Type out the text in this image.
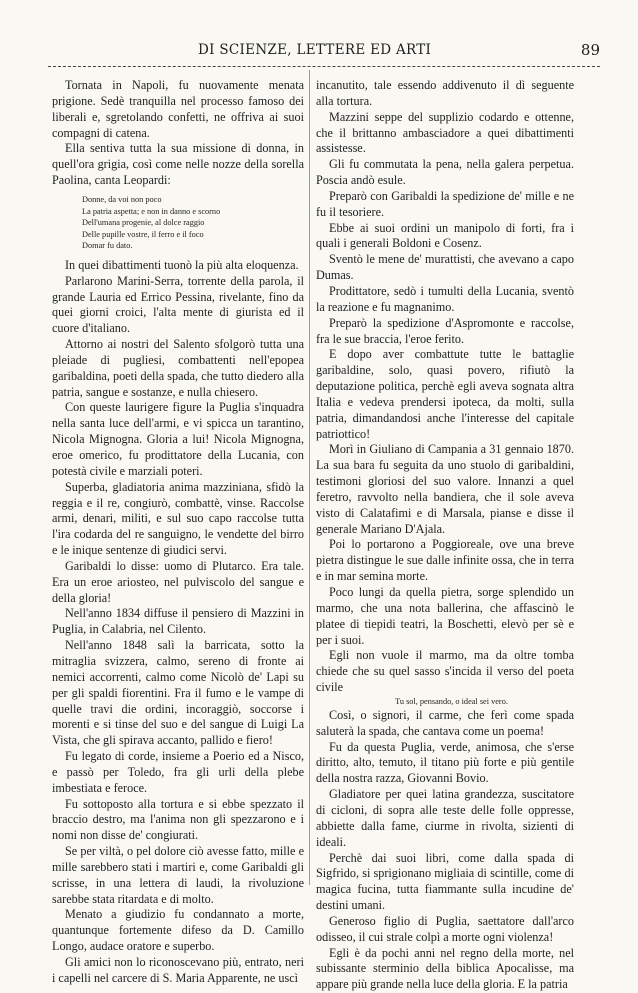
DI SCIENZE, LETTERE ED ARTI	89

Tornata in Napoli, fu nuovamente menata prigione. Sedè tranquilla nel processo famoso dei liberali e, sgretolando confetti, ne offriva ai suoi compagni di catena.

Ella sentiva tutta la sua missione di donna, in quell'ora grigia, così come nelle nozze della sorella Paolina, canta Leopardi:

Donne, da voi non poco
La patria aspetta; e non in danno e scorno
Dell'umana progenie, al dolce raggio
Delle pupille vostre, il ferro e il foco
Domar fu dato.

In quei dibattimenti tuonò la più alta eloquenza.

Parlarono Marini-Serra, torrente della parola, il grande Lauria ed Errico Pessina, rivelante, fino da quei giorni croici, l'alta mente di giurista ed il cuore d'italiano.

Attorno ai nostri del Salento sfolgorò tutta una pleiade di pugliesi, combattenti nell'epopea garibaldina, poeti della spada, che tutto diedero alla patria, sangue e sostanze, e nulla chiesero.

Con queste laurigere figure la Puglia s'inquadra nella santa luce dell'armi, e vi spicca un tarantino, Nicola Mignogna. Gloria a lui! Nicola Mignogna, eroe omerico, fu prodittatore della Lucania, con potestà civile e marziali poteri.

Superba, gladiatoria anima mazziniana, sfidò la reggia e il re, congiurò, combattè, vinse. Raccolse armi, denari, militi, e sul suo capo raccolse tutta l'ira codarda del re sanguigno, le vendette del birro e le inique sentenze di giudici servi.

Garibaldi lo disse: uomo di Plutarco. Era tale. Era un eroe ariosteo, nel pulviscolo del sangue e della gloria!

Nell'anno 1834 diffuse il pensiero di Mazzini in Puglia, in Calabria, nel Cilento.

Nell'anno 1848 salì la barricata, sotto la mitraglia svizzera, calmo, sereno di fronte ai nemici accorrenti, calmo come Nicolò de' Lapi su per gli spaldi fiorentini. Fra il fumo e le vampe di quelle travi die ordini, incoraggiò, soccorse i morenti e si tinse del suo e del sangue di Luigi La Vista, che gli spirava accanto, pallido e fiero!

Fu legato di corde, insieme a Poerio ed a Nisco, e passò per Toledo, fra gli urli della plebe imbestiata e feroce.

Fu sottoposto alla tortura e si ebbe spezzato il braccio destro, ma l'anima non gli spezzarono e i nomi non disse de' congiurati.

Se per viltà, o pel dolore ciò avesse fatto, mille e mille sarebbero stati i martiri e, come Garibaldi gli scrisse, in una lettera di laudi, la rivoluzione sarebbe stata ritardata e di molto.

Menato a giudizio fu condannato a morte, quantunque fortemente difeso da D. Camillo Longo, audace oratore e superbo.

Gli amici non lo riconoscevano più, entrato, neri i capelli nel carcere di S. Maria Apparente, ne uscì

incanutito, tale essendo addivenuto il dì seguente alla tortura.

Mazzini seppe del supplizio codardo e ottenne, che il brittanno ambasciadore a quei dibattimenti assistesse.

Gli fu commutata la pena, nella galera perpetua. Poscia andò esule.

Preparò con Garibaldi la spedizione de' mille e ne fu il tesoriere.

Ebbe ai suoi ordini un manipolo di forti, fra i quali i generali Boldoni e Cosenz.

Sventò le mene de' murattisti, che avevano a capo Dumas.

Prodittatore, sedò i tumulti della Lucania, sventò la reazione e fu magnanimo.

Preparò la spedizione d'Aspromonte e raccolse, fra le sue braccia, l'eroe ferito.

E dopo aver combattute tutte le battaglie garibaldine, solo, quasi povero, rifiutò la deputazione politica, perchè egli aveva sognata altra Italia e vedeva prendersi ipoteca, da molti, sulla patria, dimandandosi anche l'interesse del capitale patriottico!

Morì in Giuliano di Campania a 31 gennaio 1870. La sua bara fu seguita da uno stuolo di garibaldini, testimoni gloriosi del suo valore. Innanzi a quel feretro, ravvolto nella bandiera, che il sole aveva visto di Calatafimi e di Marsala, pianse e disse il generale Mariano D'Ajala.

Poi lo portarono a Poggioreale, ove una breve pietra distingue le sue dalle infinite ossa, che in terra e in mar semina morte.

Poco lungi da quella pietra, sorge splendido un marmo, che una nota ballerina, che affascinò le platee di tiepidi teatri, la Boschetti, elevò per sè e per i suoi.

Egli non vuole il marmo, ma da oltre tomba chiede che su quel sasso s'incida il verso del poeta civile

Tu sol, pensando, o ideal sei vero.

Così, o signori, il carme, che ferì come spada saluterà la spada, che cantava come un poema!

Fu da questa Puglia, verde, animosa, che s'erse diritto, alto, temuto, il titano più forte e più gentile della nostra razza, Giovanni Bovio.

Gladiatore per quei latina grandezza, suscitatore di cicloni, di sopra alle teste delle folle oppresse, abbiette dalla fame, ciurme in rivolta, sizienti di ideali.

Perchè dai suoi libri, come dalla spada di Sigfrido, si sprigionano migliaia di scintille, come di magica fucina, tutta fiammante sulla incudine de' destini umani.

Generoso figlio di Puglia, saettatore dall'arco odisseo, il cui strale colpì a morte ogni violenza!

Egli è da pochi anni nel regno della morte, nel subissante sterminio della biblica Apocalisse, ma appare più grande nella luce della gloria. E la patria
